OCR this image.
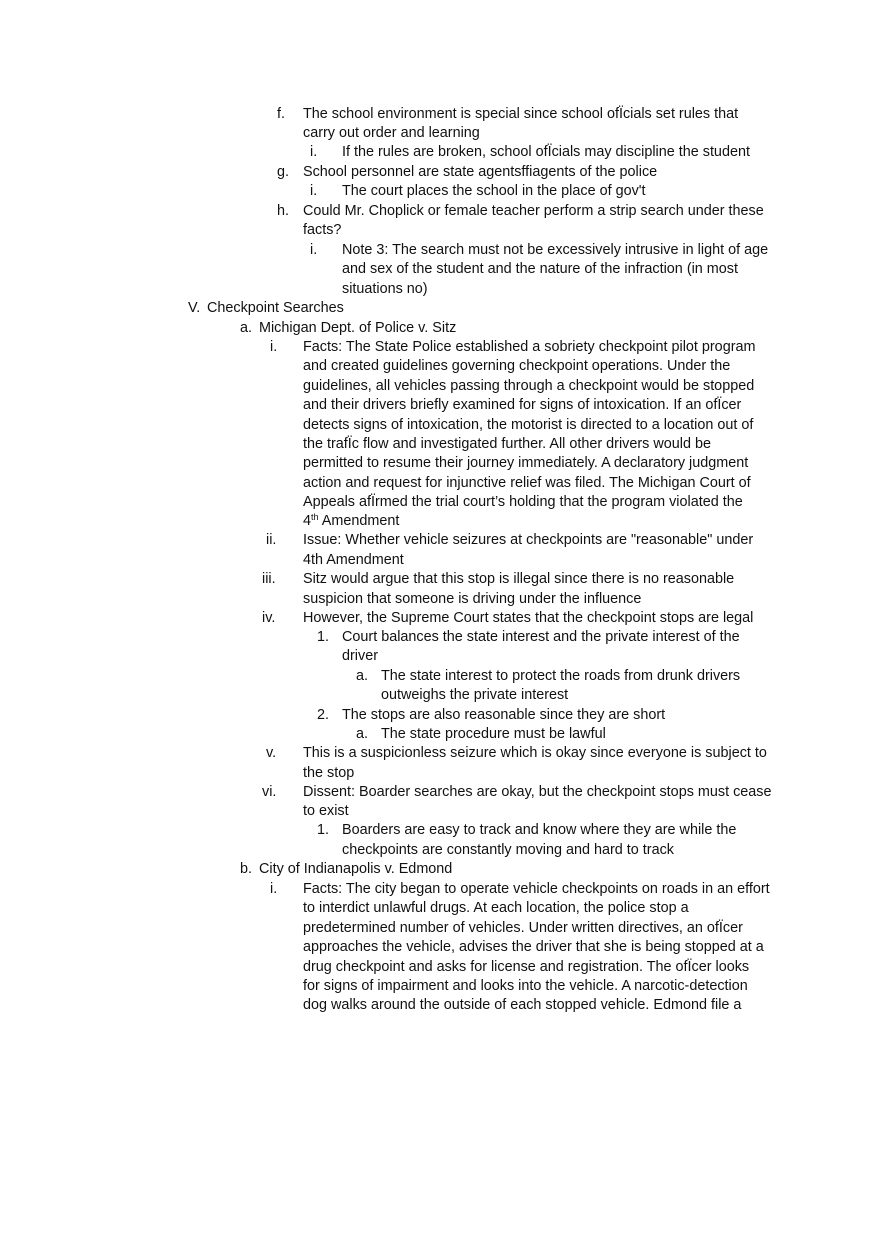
f. The school environment is special since school ofÏcials set rules that
carry out order and learning
i. If the rules are broken, school ofÏcials may discipline the student
g. School personnel are state agentsffiagents of the police
i. The court places the school in the place of gov't
h. Could Mr. Choplick or female teacher perform a strip search under these
facts?
i. Note 3: The search must not be excessively intrusive in light of age
and sex of the student and the nature of the infraction (in most
situations no)
V. Checkpoint Searches
a. Michigan Dept. of Police v. Sitz
i. Facts: The State Police established a sobriety checkpoint pilot program
and created guidelines governing checkpoint operations. Under the
guidelines, all vehicles passing through a checkpoint would be stopped
and their drivers briefly examined for signs of intoxication. If an ofÏcer
detects signs of intoxication, the motorist is directed to a location out of
the trafÏc flow and investigated further. All other drivers would be
permitted to resume their journey immediately. A declaratory judgment
action and request for injunctive relief was filed. The Michigan Court of
Appeals afÏrmed the trial court’s holding that the program violated the
4th Amendment
ii. Issue: Whether vehicle seizures at checkpoints are "reasonable" under
4th Amendment
iii. Sitz would argue that this stop is illegal since there is no reasonable
suspicion that someone is driving under the influence
iv. However, the Supreme Court states that the checkpoint stops are legal
1. Court balances the state interest and the private interest of the
driver
a. The state interest to protect the roads from drunk drivers
outweighs the private interest
2. The stops are also reasonable since they are short
a. The state procedure must be lawful
v. This is a suspicionless seizure which is okay since everyone is subject to
the stop
vi. Dissent: Boarder searches are okay, but the checkpoint stops must cease
to exist
1. Boarders are easy to track and know where they are while the
checkpoints are constantly moving and hard to track
b. City of Indianapolis v. Edmond
i. Facts: The city began to operate vehicle checkpoints on roads in an effort
to interdict unlawful drugs. At each location, the police stop a
predetermined number of vehicles. Under written directives, an ofÏcer
approaches the vehicle, advises the driver that she is being stopped at a
drug checkpoint and asks for license and registration. The ofÏcer looks
for signs of impairment and looks into the vehicle. A narcotic-detection
dog walks around the outside of each stopped vehicle. Edmond file a
